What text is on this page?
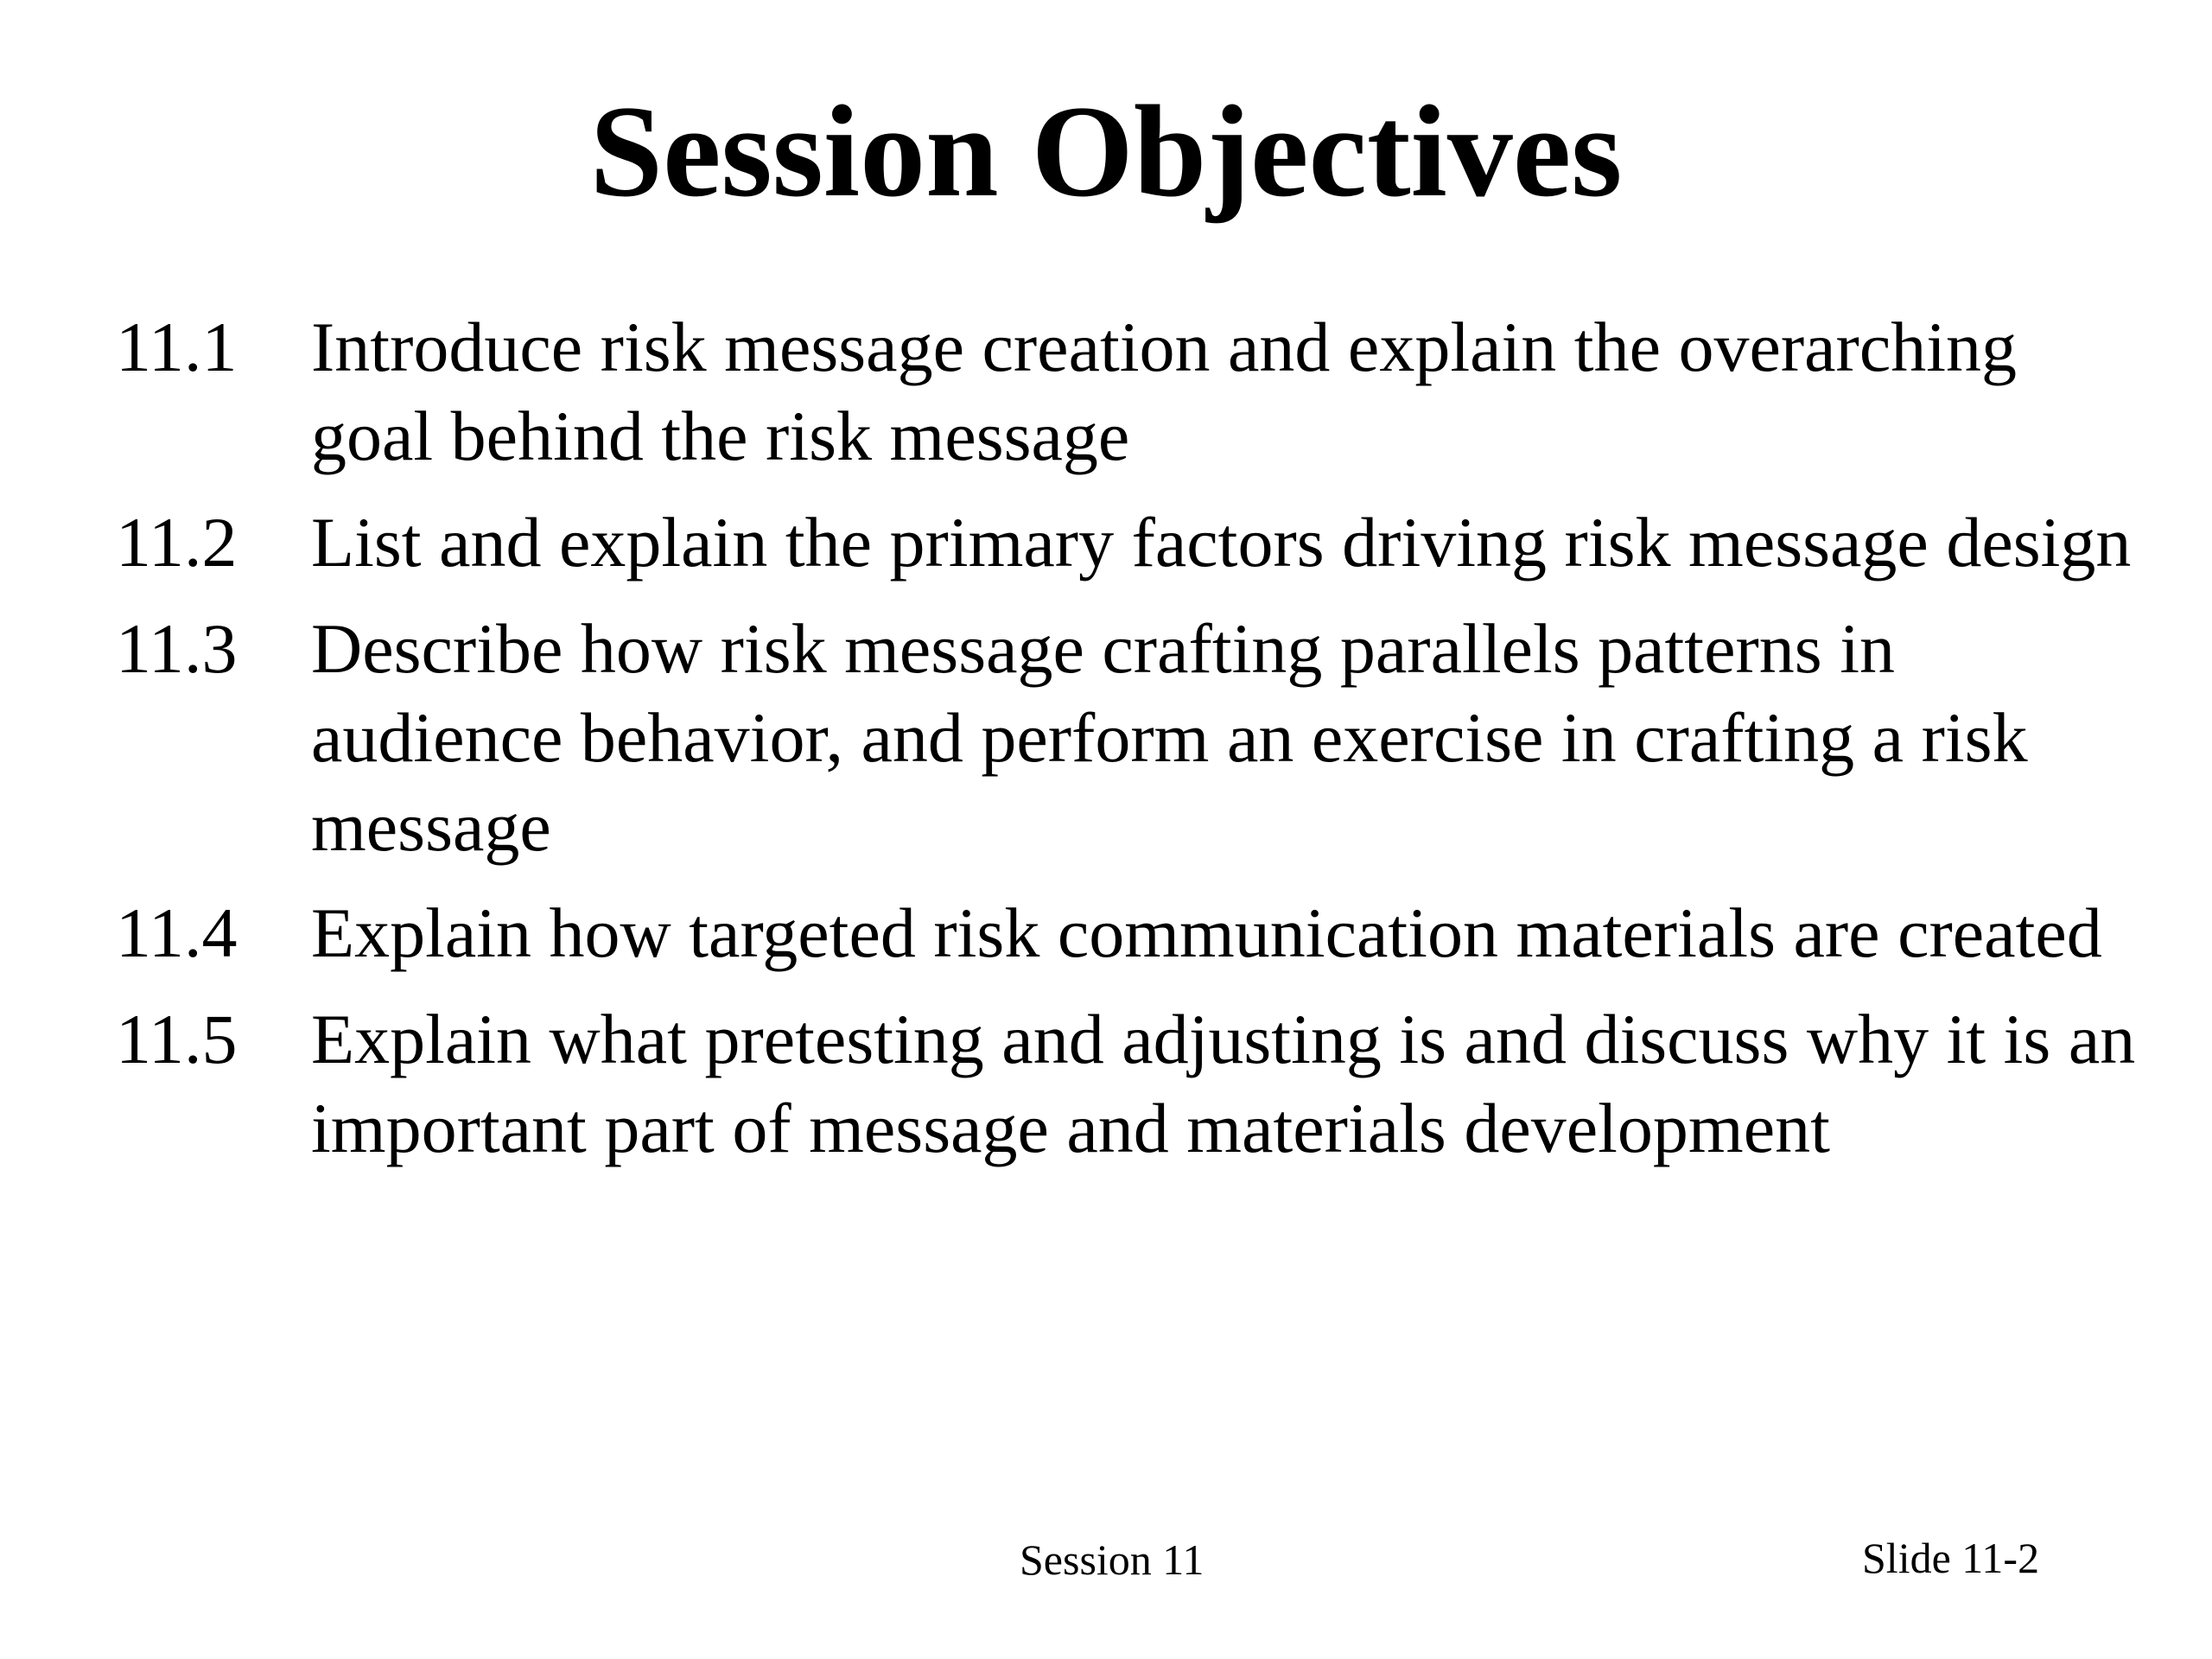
Session Objectives
11.1	Introduce risk message creation and explain the overarching goal behind the risk message
11.2	List and explain the primary factors driving risk message design
11.3	Describe how risk message crafting parallels patterns in audience behavior, and perform an exercise in crafting a risk message
11.4	Explain how targeted risk communication materials are created
11.5	Explain what pretesting and adjusting is and discuss why it is an important part of message and materials development
Session 11	Slide 11-2
